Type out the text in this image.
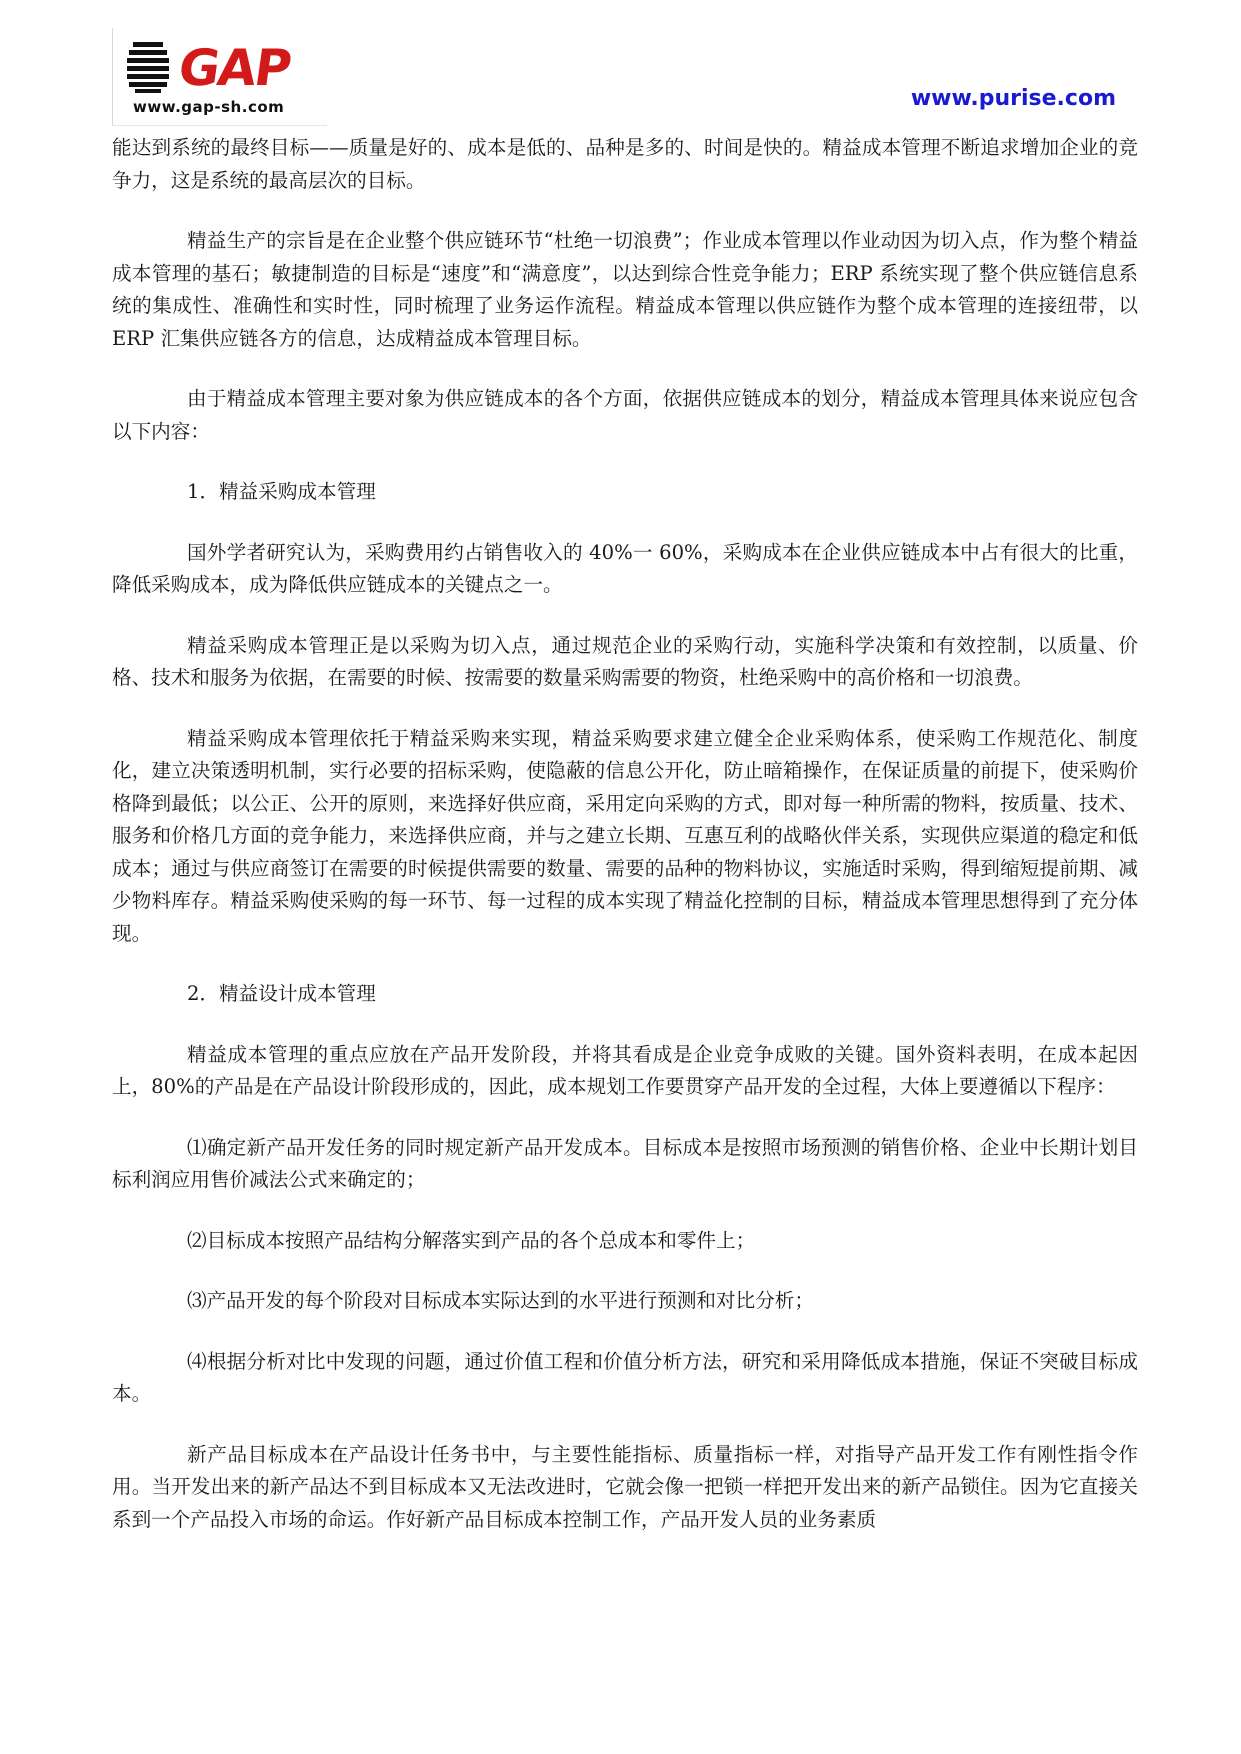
GAP
www.gap-sh.com	www.purise.com

能达到系统的最终目标——质量是好的、成本是低的、品种是多的、时间是快的。精益成本管理不断追求增加企业的竞争力，这是系统的最高层次的目标。

精益生产的宗旨是在企业整个供应链环节“杜绝一切浪费”；作业成本管理以作业动因为切入点，作为整个精益成本管理的基石；敏捷制造的目标是“速度”和“满意度”，以达到综合性竞争能力；ERP 系统实现了整个供应链信息系统的集成性、准确性和实时性，同时梳理了业务运作流程。精益成本管理以供应链作为整个成本管理的连接纽带，以 ERP 汇集供应链各方的信息，达成精益成本管理目标。

由于精益成本管理主要对象为供应链成本的各个方面，依据供应链成本的划分，精益成本管理具体来说应包含以下内容：

1．精益采购成本管理

国外学者研究认为，采购费用约占销售收入的 40%一 60%，采购成本在企业供应链成本中占有很大的比重，降低采购成本，成为降低供应链成本的关键点之一。

精益采购成本管理正是以采购为切入点，通过规范企业的采购行动，实施科学决策和有效控制，以质量、价格、技术和服务为依据，在需要的时候、按需要的数量采购需要的物资，杜绝采购中的高价格和一切浪费。

精益采购成本管理依托于精益采购来实现，精益采购要求建立健全企业采购体系，使采购工作规范化、制度化，建立决策透明机制，实行必要的招标采购，使隐蔽的信息公开化，防止暗箱操作，在保证质量的前提下，使采购价格降到最低；以公正、公开的原则，来选择好供应商，采用定向采购的方式，即对每一种所需的物料，按质量、技术、服务和价格几方面的竞争能力，来选择供应商，并与之建立长期、互惠互利的战略伙伴关系，实现供应渠道的稳定和低成本；通过与供应商签订在需要的时候提供需要的数量、需要的品种的物料协议，实施适时采购，得到缩短提前期、减少物料库存。精益采购使采购的每一环节、每一过程的成本实现了精益化控制的目标，精益成本管理思想得到了充分体现。

2．精益设计成本管理

精益成本管理的重点应放在产品开发阶段，并将其看成是企业竞争成败的关键。国外资料表明，在成本起因上，80%的产品是在产品设计阶段形成的，因此，成本规划工作要贯穿产品开发的全过程，大体上要遵循以下程序：

⑴确定新产品开发任务的同时规定新产品开发成本。目标成本是按照市场预测的销售价格、企业中长期计划目标利润应用售价减法公式来确定的；

⑵目标成本按照产品结构分解落实到产品的各个总成本和零件上；

⑶产品开发的每个阶段对目标成本实际达到的水平进行预测和对比分析；

⑷根据分析对比中发现的问题，通过价值工程和价值分析方法，研究和采用降低成本措施，保证不突破目标成本。

新产品目标成本在产品设计任务书中，与主要性能指标、质量指标一样，对指导产品开发工作有刚性指令作用。当开发出来的新产品达不到目标成本又无法改进时，它就会像一把锁一样把开发出来的新产品锁住。因为它直接关系到一个产品投入市场的命运。作好新产品目标成本控制工作，产品开发人员的业务素质
